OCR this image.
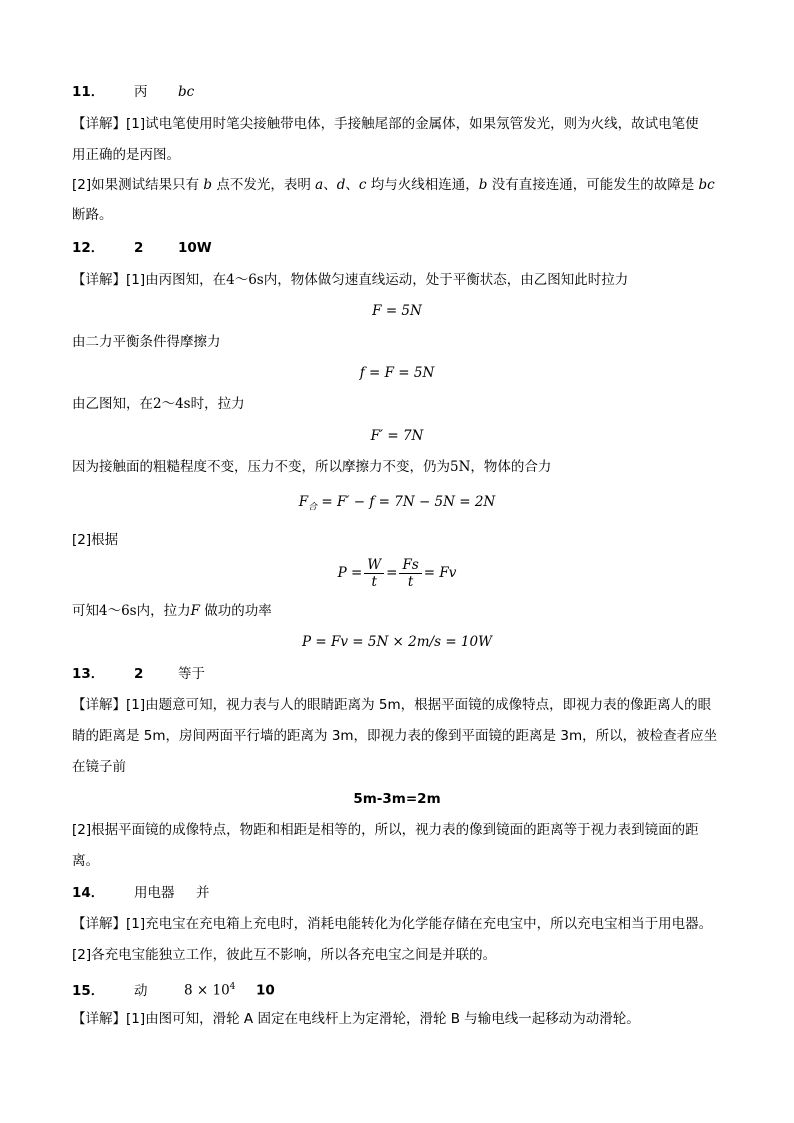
11． 丙 bc
【详解】[1]试电笔使用时笔尖接触带电体，手接触尾部的金属体，如果氖管发光，则为火线，故试电笔使
用正确的是丙图。
[2]如果测试结果只有 b 点不发光，表明 a、d、c 均与火线相连通，b 没有直接连通，可能发生的故障是 bc
断路。
12． 2	10W
【详解】[1]由丙图知，在4～6s内，物体做匀速直线运动，处于平衡状态，由乙图知此时拉力
F = 5N
由二力平衡条件得摩擦力
f = F = 5N
由乙图知，在2～4s时，拉力
F′ = 7N
因为接触面的粗糙程度不变，压力不变，所以摩擦力不变，仍为5N，物体的合力
$F_合 = F' - f = 7N - 5N = 2N$
[2]根据
$P = \frac{W}{t} = \frac{Fs}{t} = Fv$
可知4～6s内，拉力F 做功的功率
P = Fv = 5N × 2m/s = 10W
13． 2	等于
【详解】[1]由题意可知，视力表与人的眼睛距离为 5m，根据平面镜的成像特点，即视力表的像距离人的眼
睛的距离是 5m，房间两面平行墙的距离为 3m，即视力表的像到平面镜的距离是 3m，所以，被检查者应坐
在镜子前
5m-3m=2m
[2]根据平面镜的成像特点，物距和相距是相等的，所以，视力表的像到镜面的距离等于视力表到镜面的距
离。
14． 用电器 并
【详解】[1]充电宝在充电箱上充电时，消耗电能转化为化学能存储在充电宝中，所以充电宝相当于用电器。
[2]各充电宝能独立工作，彼此互不影响，所以各充电宝之间是并联的。
15． 动	$8 \times 10^4$ 10
【详解】[1]由图可知，滑轮 A 固定在电线杆上为定滑轮，滑轮 B 与输电线一起移动为动滑轮。
